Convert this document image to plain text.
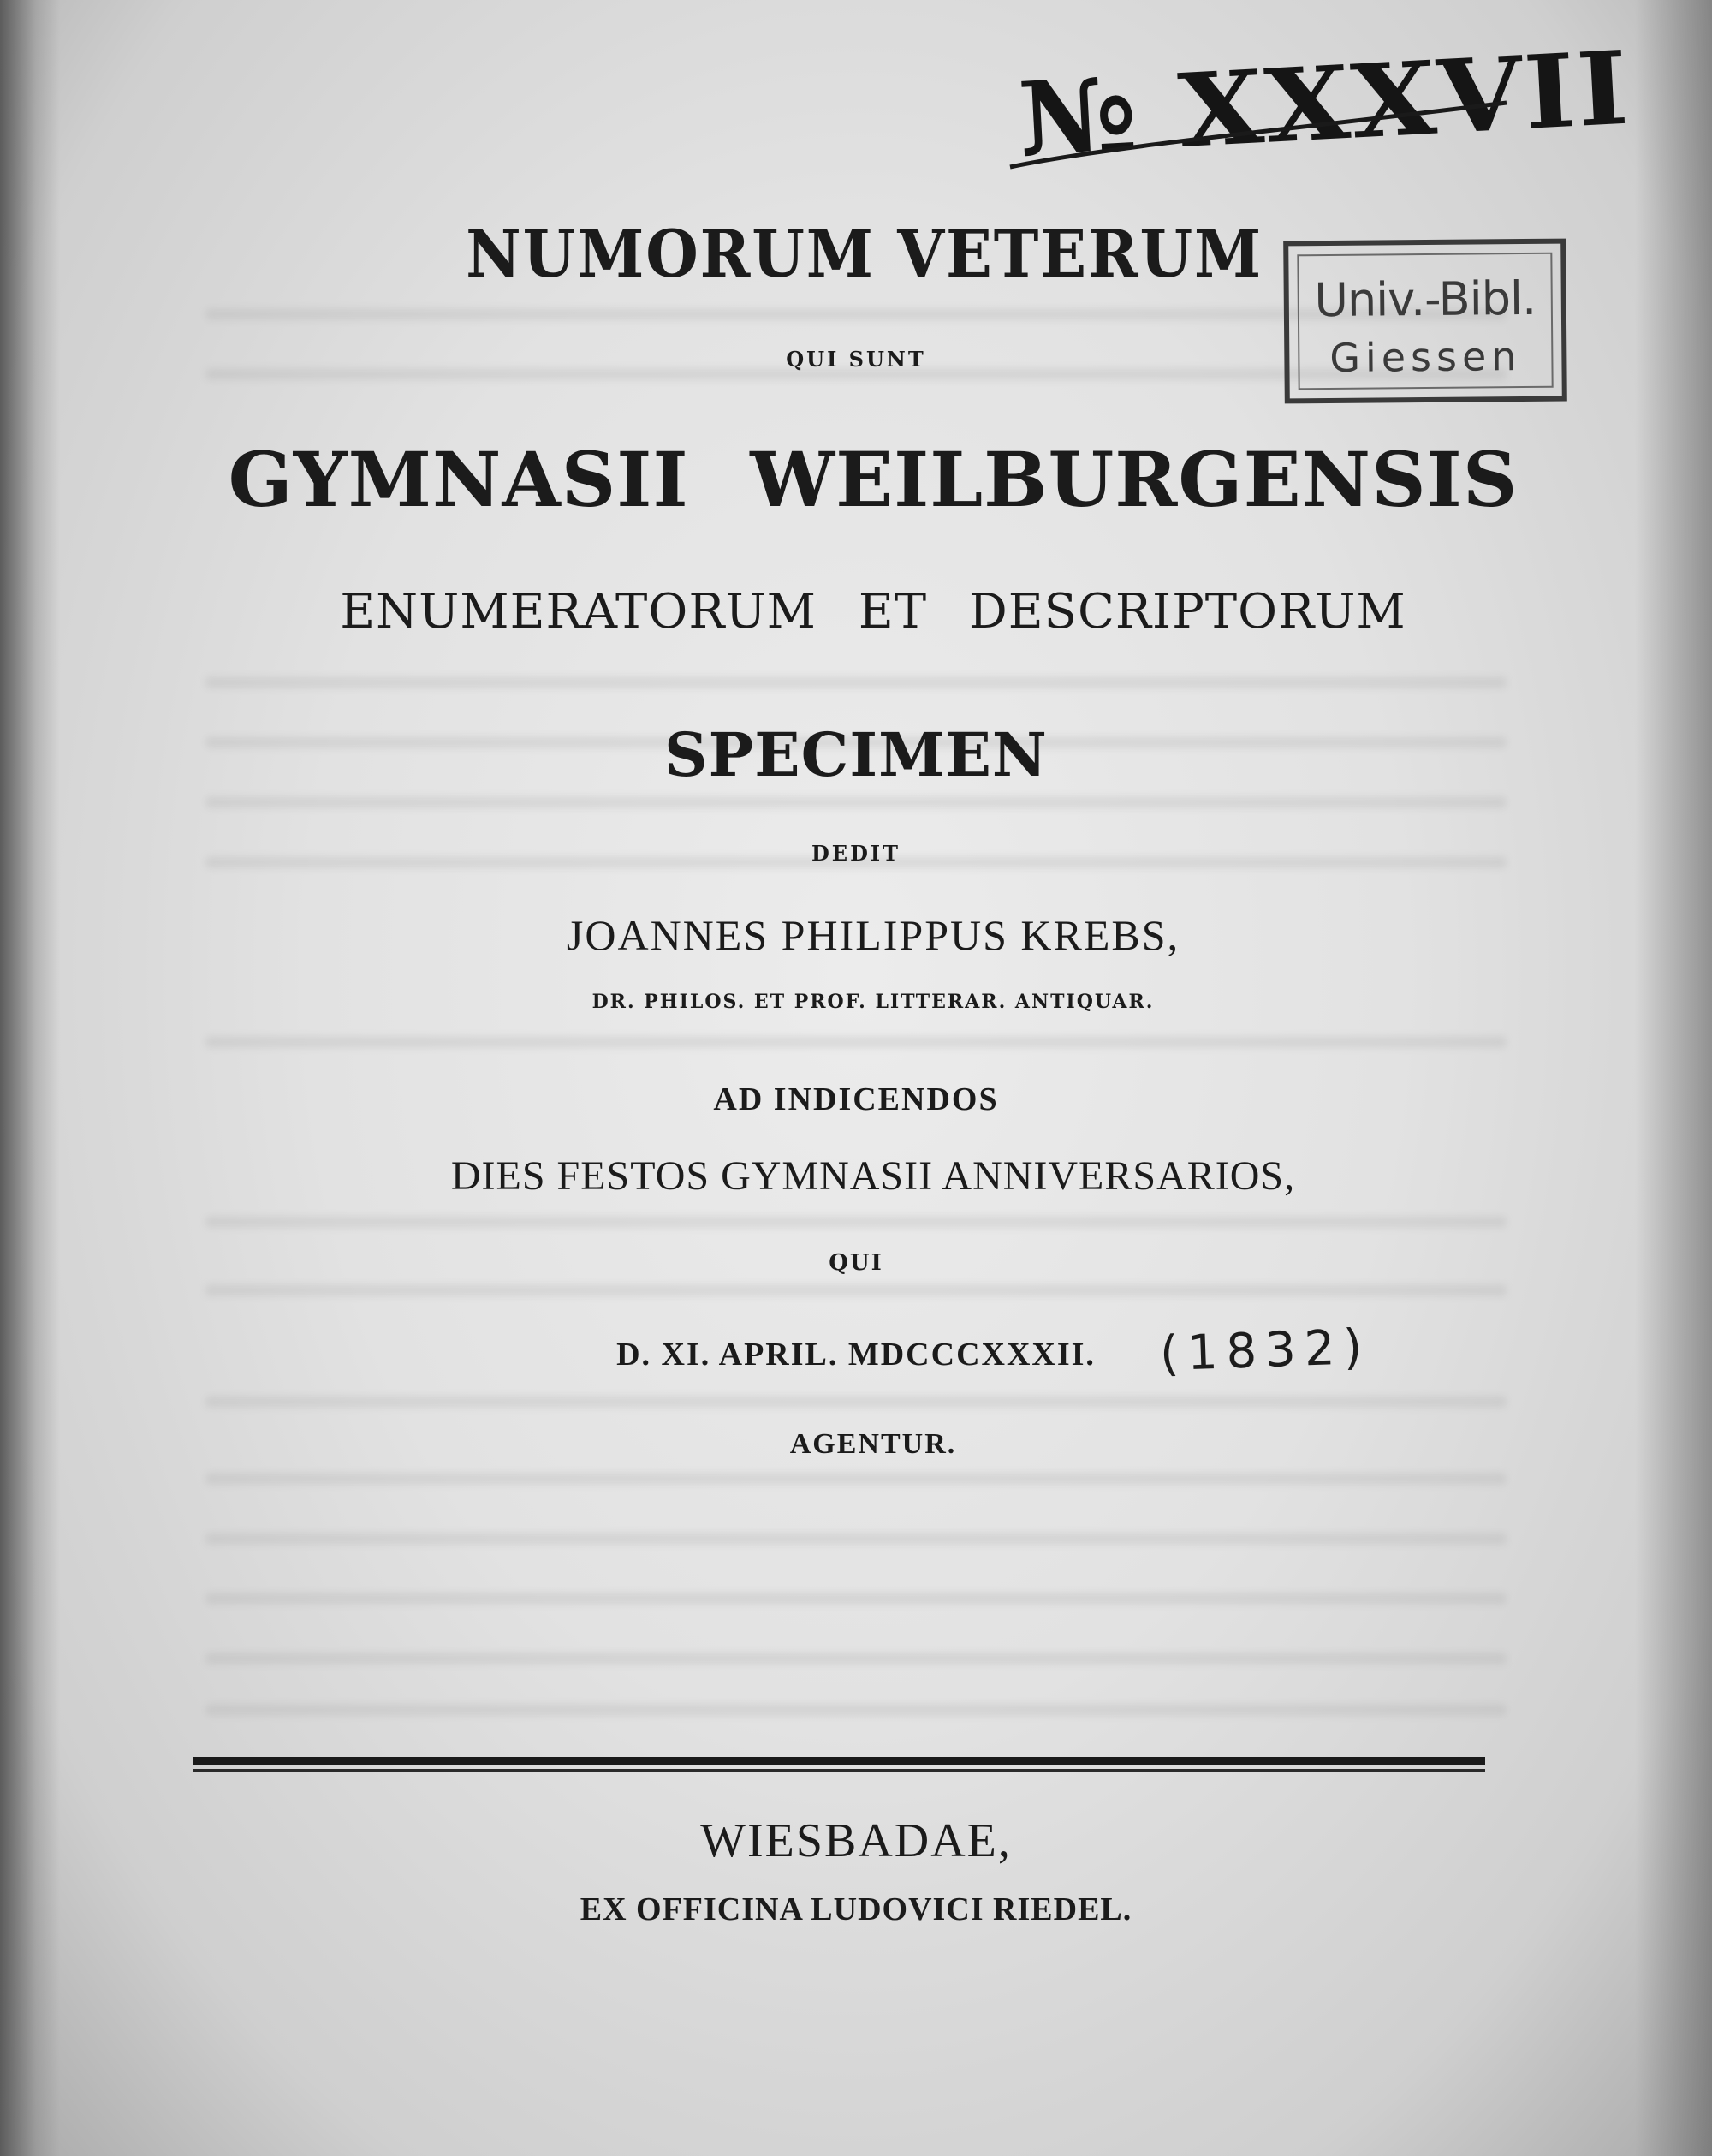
№ XXXVII
Univ.-Bibl.
Giessen
NUMORUM VETERUM
QUI SUNT
GYMNASII WEILBURGENSIS
ENUMERATORUM ET DESCRIPTORUM
SPECIMEN
DEDIT
JOANNES PHILIPPUS KREBS,
DR. PHILOS. ET PROF. LITTERAR. ANTIQUAR.
AD INDICENDOS
DIES FESTOS GYMNASII ANNIVERSARIOS,
QUI
D. XI. APRIL. MDCCCXXXII.	(1832)
AGENTUR.
WIESBADAE,
EX OFFICINA LUDOVICI RIEDEL.
